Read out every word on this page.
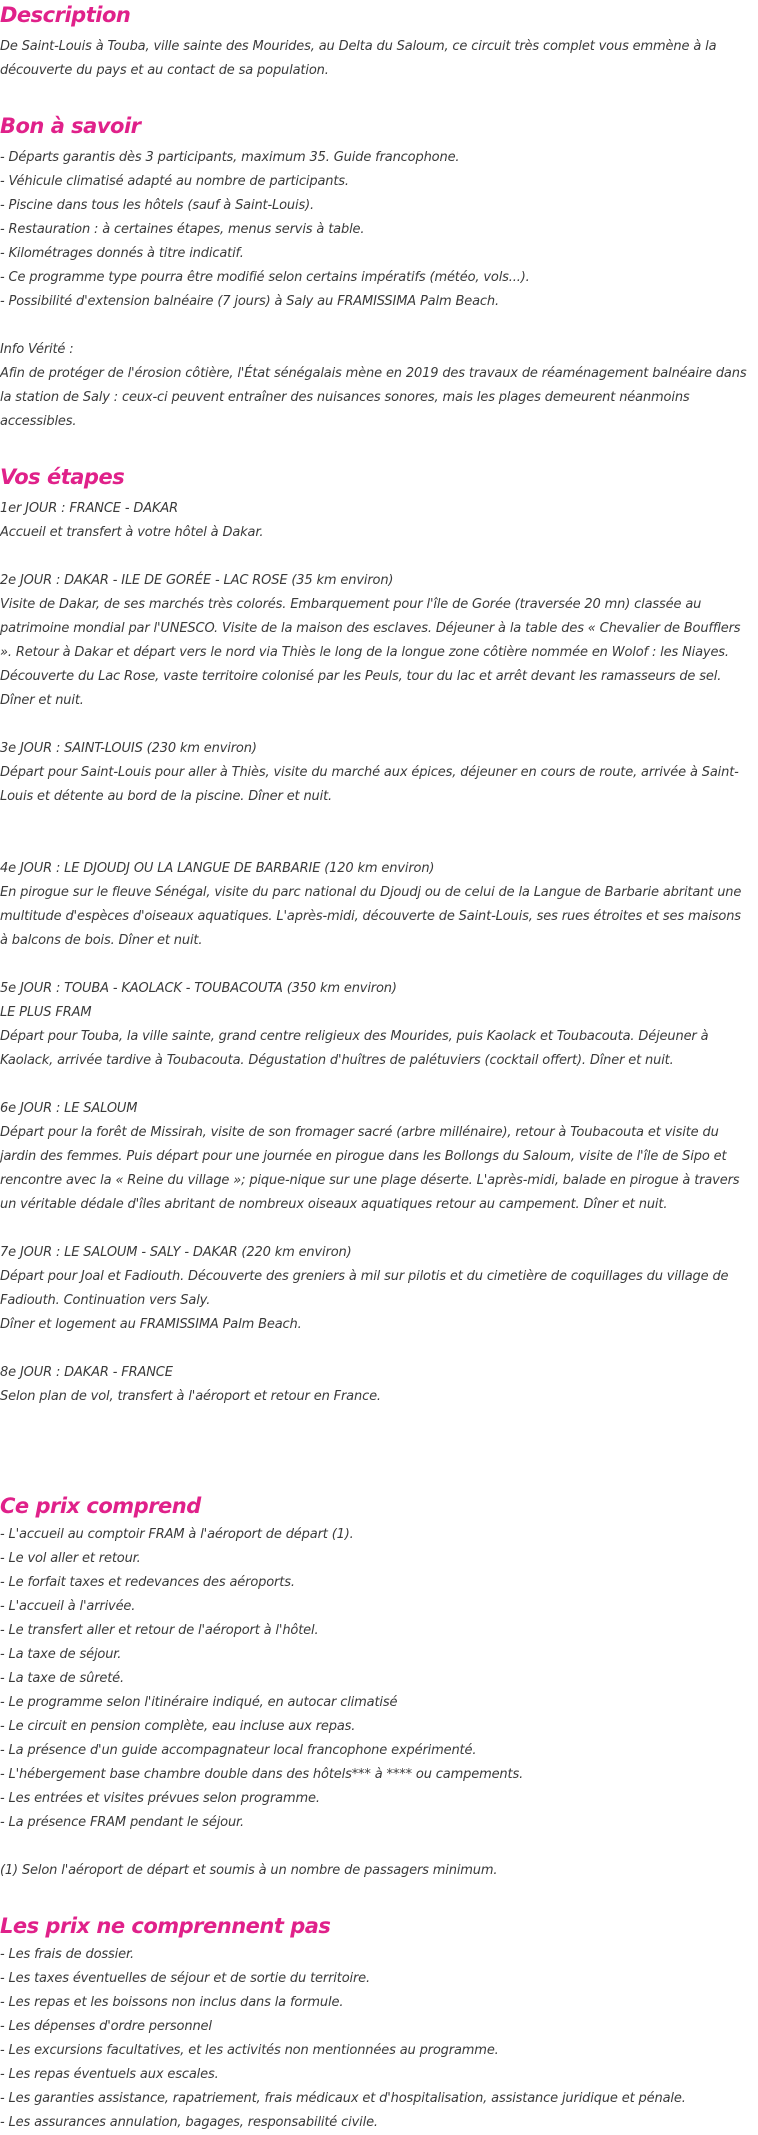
Description

De Saint-Louis à Touba, ville sainte des Mourides, au Delta du Saloum, ce circuit très complet vous emmène à la découverte du pays et au contact de sa population.

Bon à savoir
- Départs garantis dès 3 participants, maximum 35. Guide francophone.
- Véhicule climatisé adapté au nombre de participants.
- Piscine dans tous les hôtels (sauf à Saint-Louis).
- Restauration : à certaines étapes, menus servis à table.
- Kilométrages donnés à titre indicatif.
- Ce programme type pourra être modifié selon certains impératifs (météo, vols...).
- Possibilité d'extension balnéaire (7 jours) à Saly au FRAMISSIMA Palm Beach.
Info Vérité :
Afin de protéger de l'érosion côtière, l'État sénégalais mène en 2019 des travaux de réaménagement balnéaire dans la station de Saly : ceux-ci peuvent entraîner des nuisances sonores, mais les plages demeurent néanmoins accessibles.
Vos étapes
1er JOUR : FRANCE - DAKAR
Accueil et transfert à votre hôtel à Dakar.
2e JOUR : DAKAR - ILE DE GORÉE - LAC ROSE (35 km environ)
Visite de Dakar, de ses marchés très colorés. Embarquement pour l'île de Gorée (traversée 20 mn) classée au patrimoine mondial par l'UNESCO. Visite de la maison des esclaves. Déjeuner à la table des « Chevalier de Boufflers ». Retour à Dakar et départ vers le nord via Thiès le long de la longue zone côtière nommée en Wolof : les Niayes. Découverte du Lac Rose, vaste territoire colonisé par les Peuls, tour du lac et arrêt devant les ramasseurs de sel. Dîner et nuit.
3e JOUR : SAINT-LOUIS (230 km environ)
Départ pour Saint-Louis pour aller à Thiès, visite du marché aux épices, déjeuner en cours de route, arrivée à Saint-Louis et détente au bord de la piscine. Dîner et nuit.
4e JOUR : LE DJOUDJ OU LA LANGUE DE BARBARIE (120 km environ)
En pirogue sur le fleuve Sénégal, visite du parc national du Djoudj ou de celui de la Langue de Barbarie abritant une multitude d'espèces d'oiseaux aquatiques. L'après-midi, découverte de Saint-Louis, ses rues étroites et ses maisons à balcons de bois. Dîner et nuit.
5e JOUR : TOUBA - KAOLACK - TOUBACOUTA (350 km environ)
LE PLUS FRAM
Départ pour Touba, la ville sainte, grand centre religieux des Mourides, puis Kaolack et Toubacouta. Déjeuner à Kaolack, arrivée tardive à Toubacouta. Dégustation d'huîtres de palétuviers (cocktail offert). Dîner et nuit.
6e JOUR : LE SALOUM
Départ pour la forêt de Missirah, visite de son fromager sacré (arbre millénaire), retour à Toubacouta et visite du jardin des femmes. Puis départ pour une journée en pirogue dans les Bollongs du Saloum, visite de l'île de Sipo et rencontre avec la « Reine du village »; pique-nique sur une plage déserte. L'après-midi, balade en pirogue à travers un véritable dédale d'îles abritant de nombreux oiseaux aquatiques retour au campement. Dîner et nuit.
7e JOUR : LE SALOUM - SALY - DAKAR (220 km environ)
Départ pour Joal et Fadiouth. Découverte des greniers à mil sur pilotis et du cimetière de coquillages du village de Fadiouth. Continuation vers Saly.
Dîner et logement au FRAMISSIMA Palm Beach.
8e JOUR : DAKAR - FRANCE
Selon plan de vol, transfert à l'aéroport et retour en France.
Ce prix comprend
- L'accueil au comptoir FRAM à l'aéroport de départ (1).
- Le vol aller et retour.
- Le forfait taxes et redevances des aéroports.
- L'accueil à l'arrivée.
- Le transfert aller et retour de l'aéroport à l'hôtel.
- La taxe de séjour.
- La taxe de sûreté.
- Le programme selon l'itinéraire indiqué, en autocar climatisé
- Le circuit en pension complète, eau incluse aux repas.
- La présence d'un guide accompagnateur local francophone expérimenté.
- L'hébergement base chambre double dans des hôtels*** à **** ou campements.
- Les entrées et visites prévues selon programme.
- La présence FRAM pendant le séjour.
(1) Selon l'aéroport de départ et soumis à un nombre de passagers minimum.
Les prix ne comprennent pas
- Les frais de dossier.
- Les taxes éventuelles de séjour et de sortie du territoire.
- Les repas et les boissons non inclus dans la formule.
- Les dépenses d'ordre personnel
- Les excursions facultatives, et les activités non mentionnées au programme.
- Les repas éventuels aux escales.
- Les garanties assistance, rapatriement, frais médicaux et d'hospitalisation, assistance juridique et pénale.
- Les assurances annulation, bagages, responsabilité civile.
